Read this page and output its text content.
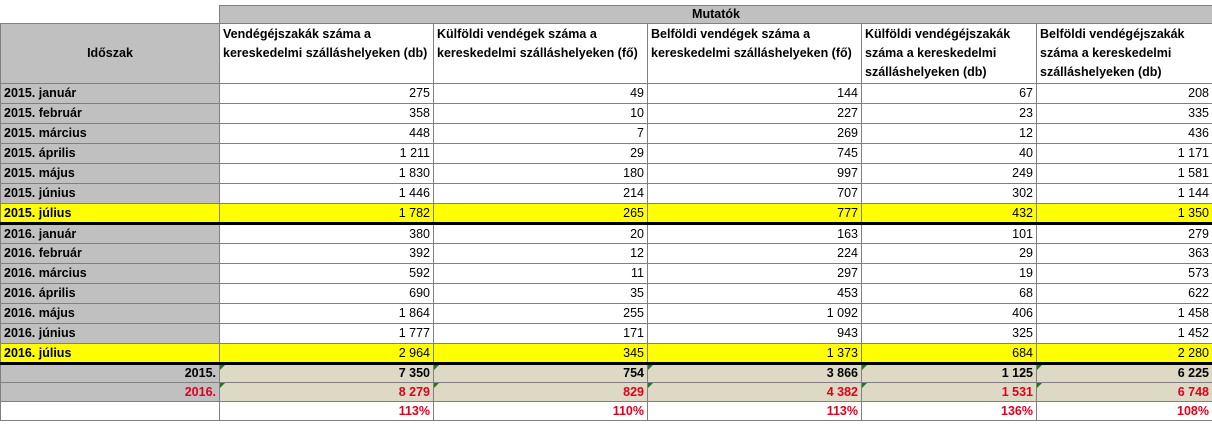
	Mutatók				
Időszak	Vendégéjszakák száma a kereskedelmi szálláshelyeken (db)	Külföldi vendégek száma a kereskedelmi szálláshelyeken (fő)	Belföldi vendégek száma a kereskedelmi szálláshelyeken (fő)	Külföldi vendégéjszakák száma a kereskedelmi szálláshelyeken (db)	Belföldi vendégéjszakák száma a kereskedelmi szálláshelyeken (db)
2015. január	275	49	144	67	208
2015. február	358	10	227	23	335
2015. március	448	7	269	12	436
2015. április	1 211	29	745	40	1 171
2015. május	1 830	180	997	249	1 581
2015. június	1 446	214	707	302	1 144
2015. július	1 782	265	777	432	1 350
2016. január	380	20	163	101	279
2016. február	392	12	224	29	363
2016. március	592	11	297	19	573
2016. április	690	35	453	68	622
2016. május	1 864	255	1 092	406	1 458
2016. június	1 777	171	943	325	1 452
2016. július	2 964	345	1 373	684	2 280
2015.	7 350	754	3 866	1 125	6 225
2016.	8 279	829	4 382	1 531	6 748
	113%	110%	113%	136%	108%
